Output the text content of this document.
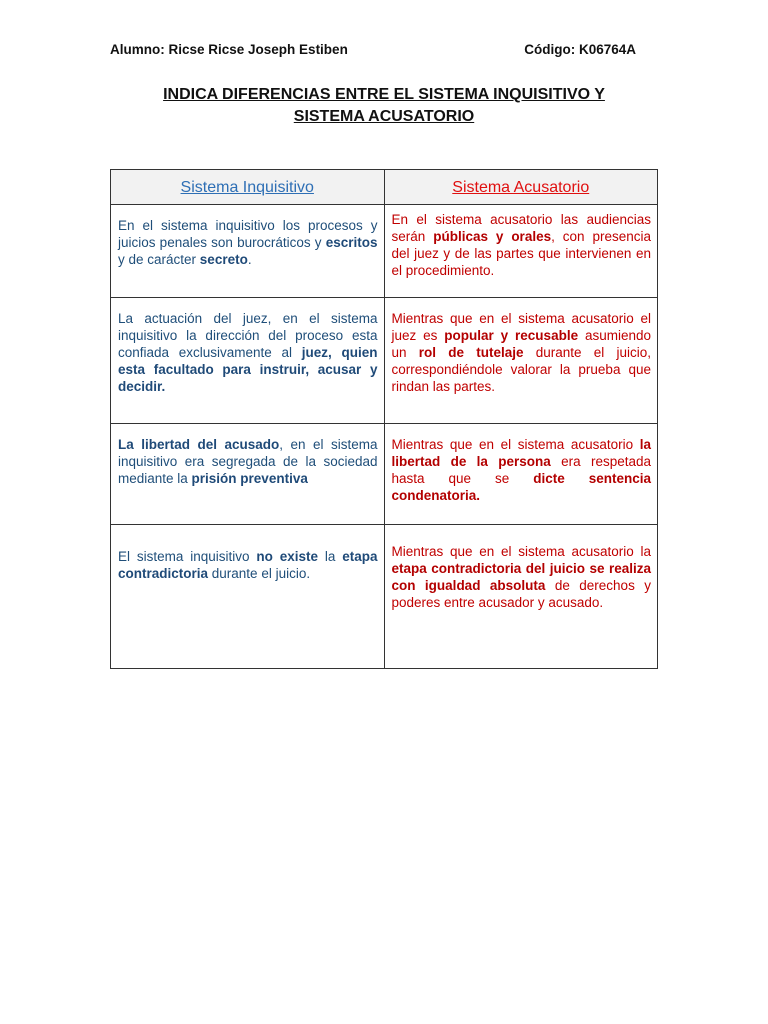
Alumno: Ricse Ricse Joseph Estiben	Código: K06764A
INDICA DIFERENCIAS ENTRE EL SISTEMA INQUISITIVO Y
SISTEMA ACUSATORIO
Sistema Inquisitivo	Sistema Acusatorio
En el sistema inquisitivo los procesos y juicios penales son burocráticos y escritos y de carácter secreto.	En el sistema acusatorio las audiencias serán públicas y orales, con presencia del juez y de las partes que intervienen en el procedimiento.
La actuación del juez, en el sistema inquisitivo la dirección del proceso esta confiada exclusivamente al juez, quien esta facultado para instruir, acusar y decidir.	Mientras que en el sistema acusatorio el juez es popular y recusable asumiendo un rol de tutelaje durante el juicio, correspondiéndole valorar la prueba que rindan las partes.
La libertad del acusado, en el sistema inquisitivo era segregada de la sociedad mediante la prisión preventiva	Mientras que en el sistema acusatorio la libertad de la persona era respetada hasta que se dicte sentencia condenatoria.
El sistema inquisitivo no existe la etapa contradictoria durante el juicio.	Mientras que en el sistema acusatorio la etapa contradictoria del juicio se realiza con igualdad absoluta de derechos y poderes entre acusador y acusado.
